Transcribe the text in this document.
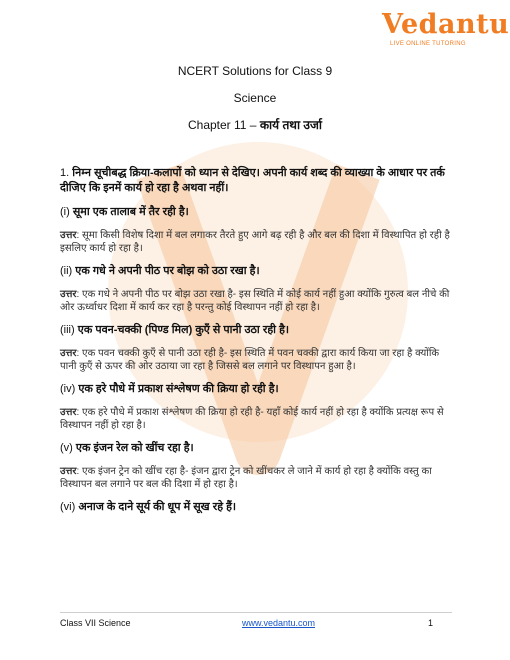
Vedantu
LIVE ONLINE TUTORING
NCERT Solutions for Class 9
Science
Chapter 11 – कार्य तथा उर्जा

1. निम्न सूचीबद्ध क्रिया-कलापों को ध्यान से देखिए। अपनी कार्य शब्द की व्याख्या के आधार पर तर्क दीजिए कि इनमें कार्य हो रहा है अथवा नहीं।

(i) सूमा एक तालाब में तैर रही है।

उत्तर: सूमा किसी विशेष दिशा में बल लगाकर तैरते हुए आगे बढ़ रही है और बल की दिशा में विस्थापित हो रही है इसलिए कार्य हो रहा है।

(ii) एक गधे ने अपनी पीठ पर बोझ को उठा रखा है।

उत्तर: एक गधे ने अपनी पीठ पर बोझ उठा रखा है- इस स्थिति में कोई कार्य नहीं हुआ क्योंकि गुरुत्व बल नीचे की ओर ऊर्ध्वाधर दिशा में कार्य कर रहा है परन्तु कोई विस्थापन नहीं हो रहा है।

(iii) एक पवन-चक्की (पिण्ड मिल) कुएँ से पानी उठा रही है।

उत्तर: एक पवन चक्की कुएँ से पानी उठा रही है- इस स्थिति में पवन चक्की द्वारा कार्य किया जा रहा है क्योंकि पानी कुएँ से ऊपर की ओर उठाया जा रहा है जिससे बल लगाने पर विस्थापन हुआ है।

(iv) एक हरे पौधे में प्रकाश संश्लेषण की क्रिया हो रही है।

उत्तर: एक हरे पौधे में प्रकाश संश्लेषण की क्रिया हो रही है- यहाँ कोई कार्य नहीं हो रहा है क्योंकि प्रत्यक्ष रूप से विस्थापन नहीं हो रहा है।

(v) एक इंजन रेल को खींच रहा है।

उत्तर: एक इंजन ट्रेन को खींच रहा है- इंजन द्वारा ट्रेन को खींचकर ले जाने में कार्य हो रहा है क्योंकि वस्तु का विस्थापन बल लगाने पर बल की दिशा में हो रहा है।

(vi) अनाज के दाने सूर्य की धूप में सूख रहे हैं।

Class VII Science	www.vedantu.com	1
